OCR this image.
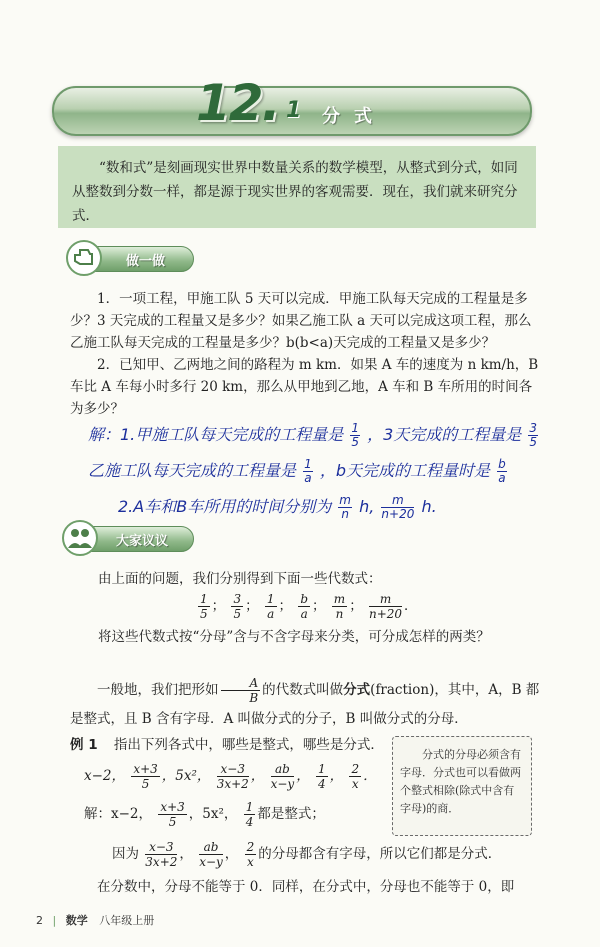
12. 1 分式
“数和式”是刻画现实世界中数量关系的数学模型，从整式到分式，如同从整数到分数一样，都是源于现实世界的客观需要．现在，我们就来研究分式．
做一做
1．一项工程，甲施工队 5 天可以完成．甲施工队每天完成的工程量是多少？3 天完成的工程量又是多少？如果乙施工队 a 天可以完成这项工程，那么乙施工队每天完成的工程量是多少？b(b<a)天完成的工程量又是多少？
2．已知甲、乙两地之间的路程为 m km．如果 A 车的速度为 n km/h，B 车比 A 车每小时多行 20 km，那么从甲地到乙地，A 车和 B 车所用的时间各为多少？
解：1.甲施工队每天完成的工程量是 $\frac{1}{5}$ ，3天完成的工程量是 $\frac{3}{5}$
乙施工队每天完成的工程量是 $\frac{1}{a}$ ，b天完成的工程量时是 $\frac{b}{a}$
2.A车和B车所用的时间分别为 $\frac{m}{n} h$, $\frac{m}{n+20} h$.
大家议议
由上面的问题，我们分别得到下面一些代数式：
$\frac{1}{5}$ ； $\frac{3}{5}$ ； $\frac{1}{a}$ ； $\frac{b}{a}$ ； $\frac{m}{n}$ ； $\frac{m}{n+20}$ ．
将这些代数式按“分母”含与不含字母来分类，可分成怎样的两类？
一般地，我们把形如 $\frac{A}{B}$ 的代数式叫做分式(fraction)，其中，A，B 都是整式，且 B 含有字母．A 叫做分式的分子，B 叫做分式的分母．
例 1 指出下列各式中，哪些是整式，哪些是分式．
x−2， $\frac{x+3}{5}$ ，5x²， $\frac{x-3}{3x+2}$ ， $\frac{ab}{x-y}$ ， $\frac{1}{4}$ ， $\frac{2}{x}$ ．
解：x−2， $\frac{x+3}{5}$ ，5x²， $\frac{1}{4}$ 都是整式；
因为 $\frac{x-3}{3x+2}$ ， $\frac{ab}{x-y}$ ， $\frac{2}{x}$ 的分母都含有字母，所以它们都是分式．
在分数中，分母不能等于 0．同样，在分式中，分母也不能等于 0，即
分式的分母必须含有字母．分式也可以看做两个整式相除(除式中含有字母)的商．
2 | 数学 八年级上册
